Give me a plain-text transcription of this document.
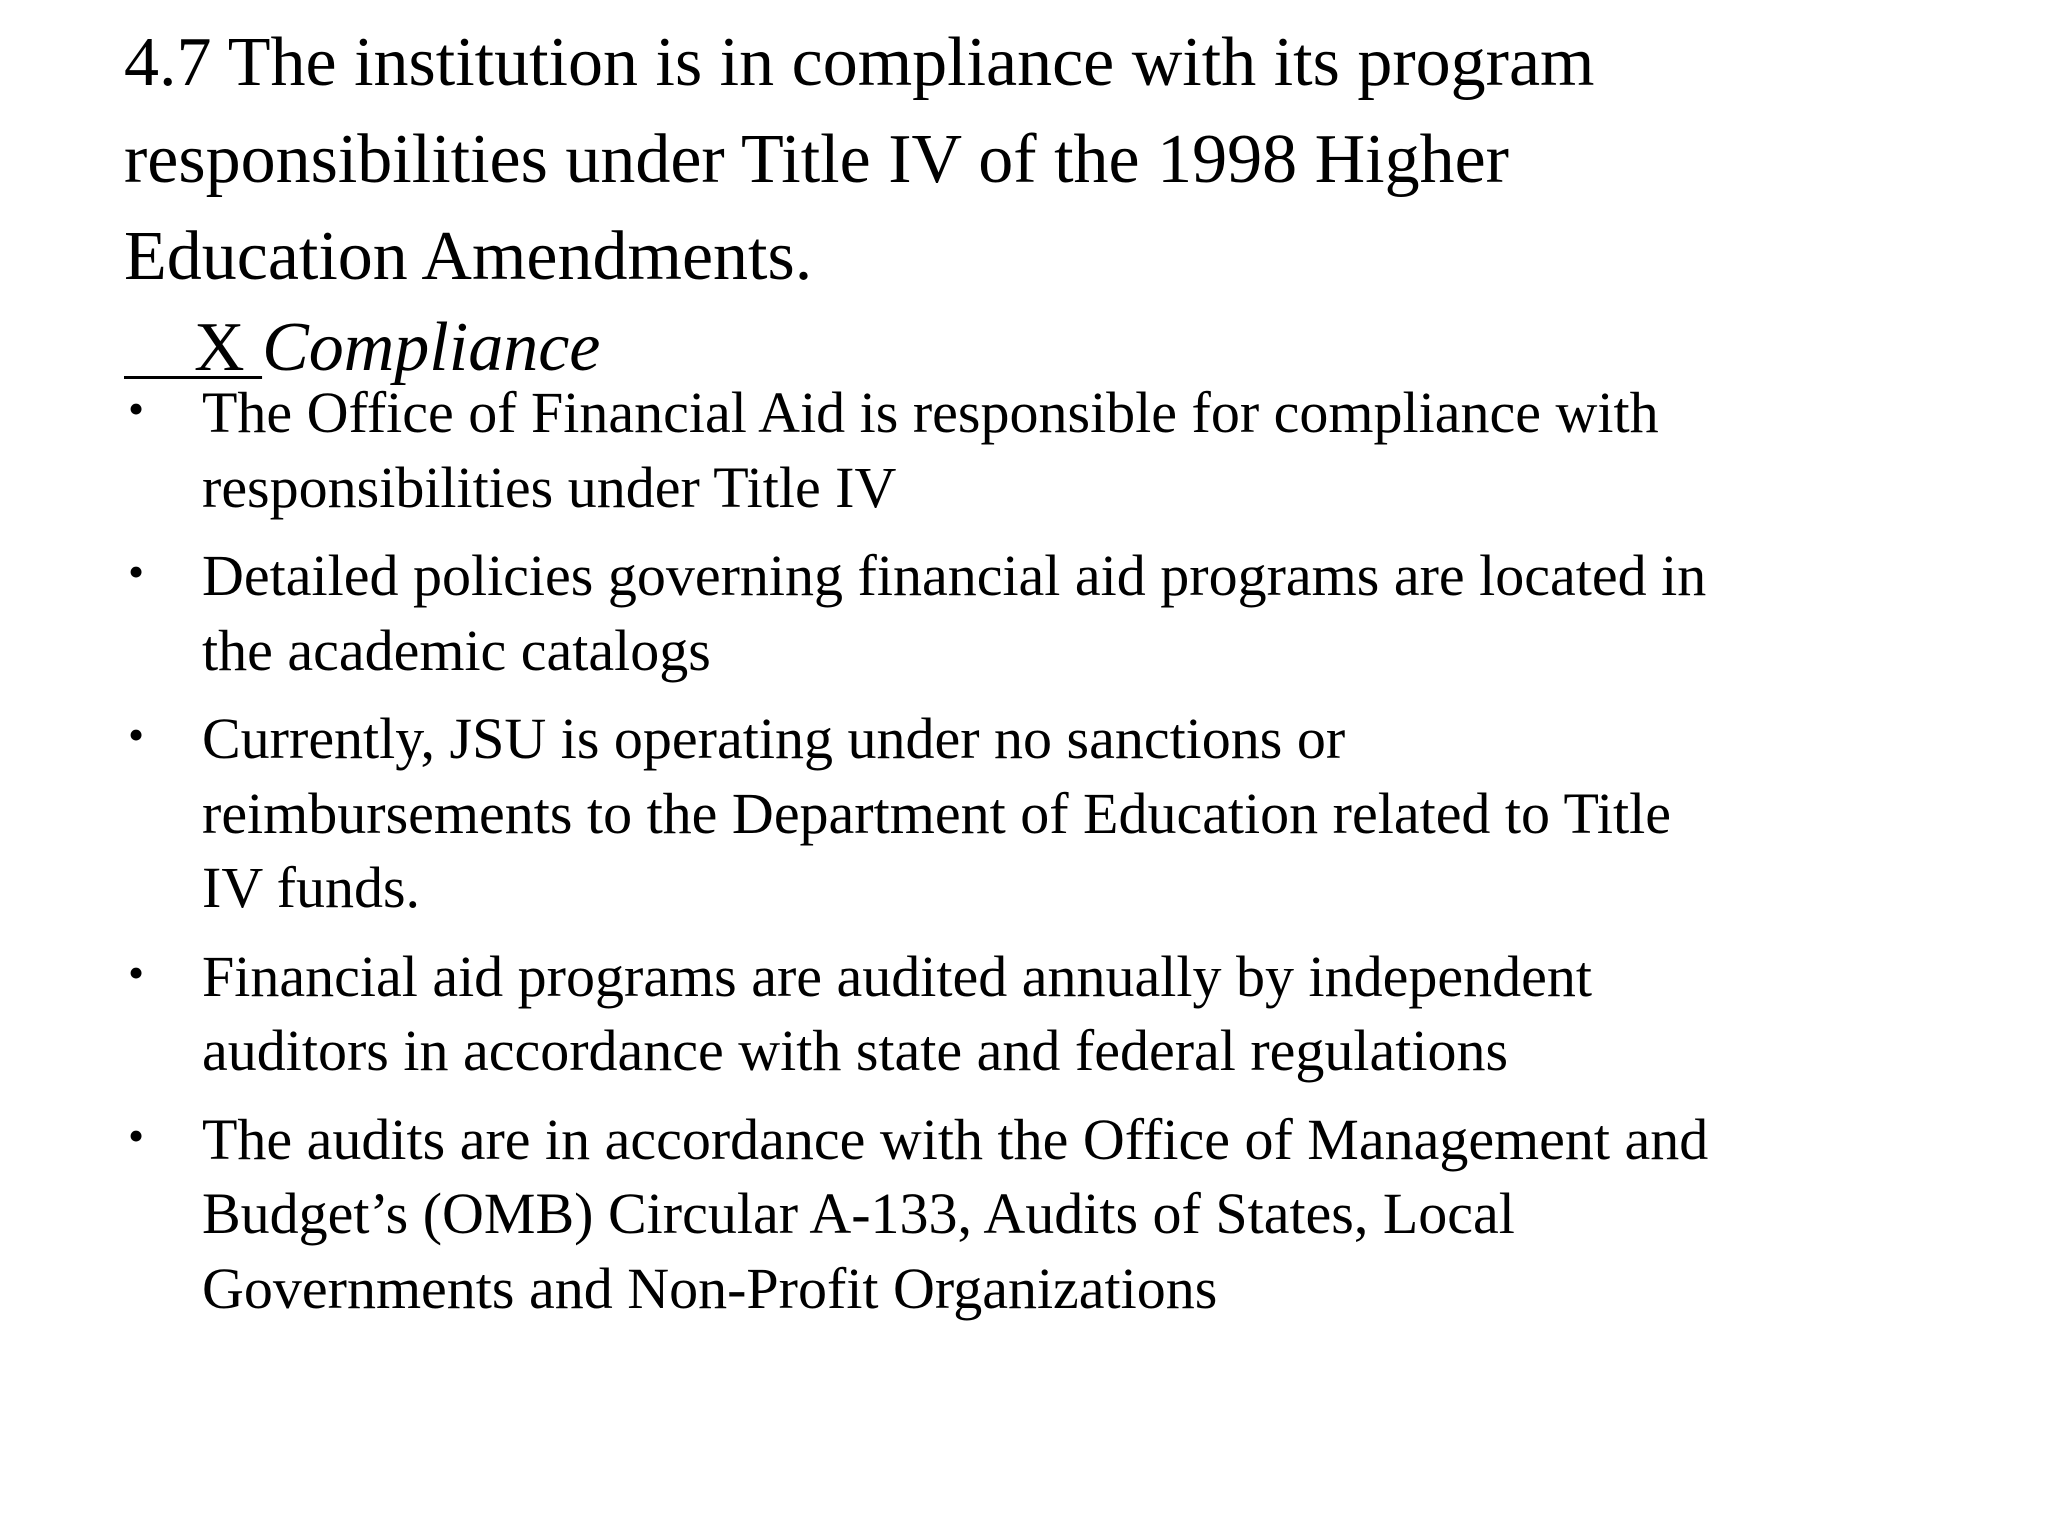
4.7 The institution is in compliance with its program
responsibilities under Title IV of the 1998 Higher
Education Amendments.
X Compliance
• The Office of Financial Aid is responsible for compliance with
responsibilities under Title IV
• Detailed policies governing financial aid programs are located in
the academic catalogs
• Currently, JSU is operating under no sanctions or
reimbursements to the Department of Education related to Title
IV funds.
• Financial aid programs are audited annually by independent
auditors in accordance with state and federal regulations
• The audits are in accordance with the Office of Management and
Budget’s (OMB) Circular A-133, Audits of States, Local
Governments and Non-Profit Organizations
